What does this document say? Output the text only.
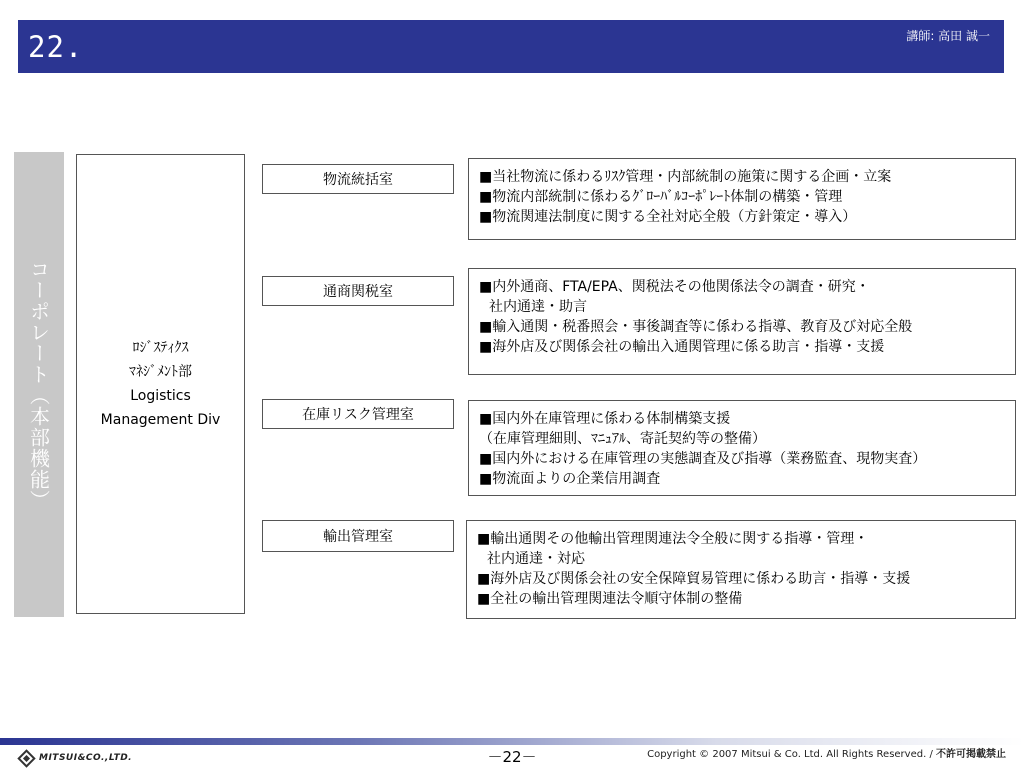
22.	講師: 高田 誠一
コーポレート（本部機能）	ﾛｼﾞｽﾃｨｸｽ
ﾏﾈｼﾞﾒﾝﾄ部
Logistics
Management Div
物流統括室	■当社物流に係わるﾘｽｸ管理・内部統制の施策に関する企画・立案
■物流内部統制に係わるｸﾞﾛｰﾊﾞﾙｺｰﾎﾟﾚｰﾄ体制の構築・管理
■物流関連法制度に関する全社対応全般（方針策定・導入）
通商関税室	■内外通商、FTA/EPA、関税法その他関係法令の調査・研究・
社内通達・助言
■輸入通関・税番照会・事後調査等に係わる指導、教育及び対応全般
■海外店及び関係会社の輸出入通関管理に係る助言・指導・支援
在庫リスク管理室	■国内外在庫管理に係わる体制構築支援
（在庫管理細則、ﾏﾆｭｱﾙ、寄託契約等の整備）
■国内外における在庫管理の実態調査及び指導（業務監査、現物実査）
■物流面よりの企業信用調査
輸出管理室	■輸出通関その他輸出管理関連法令全般に関する指導・管理・
社内通達・対応
■海外店及び関係会社の安全保障貿易管理に係わる助言・指導・支援
■全社の輸出管理関連法令順守体制の整備
MITSUI&CO.,LTD.	－22－	Copyright © 2007 Mitsui & Co. Ltd. All Rights Reserved. / 不許可掲載禁止
